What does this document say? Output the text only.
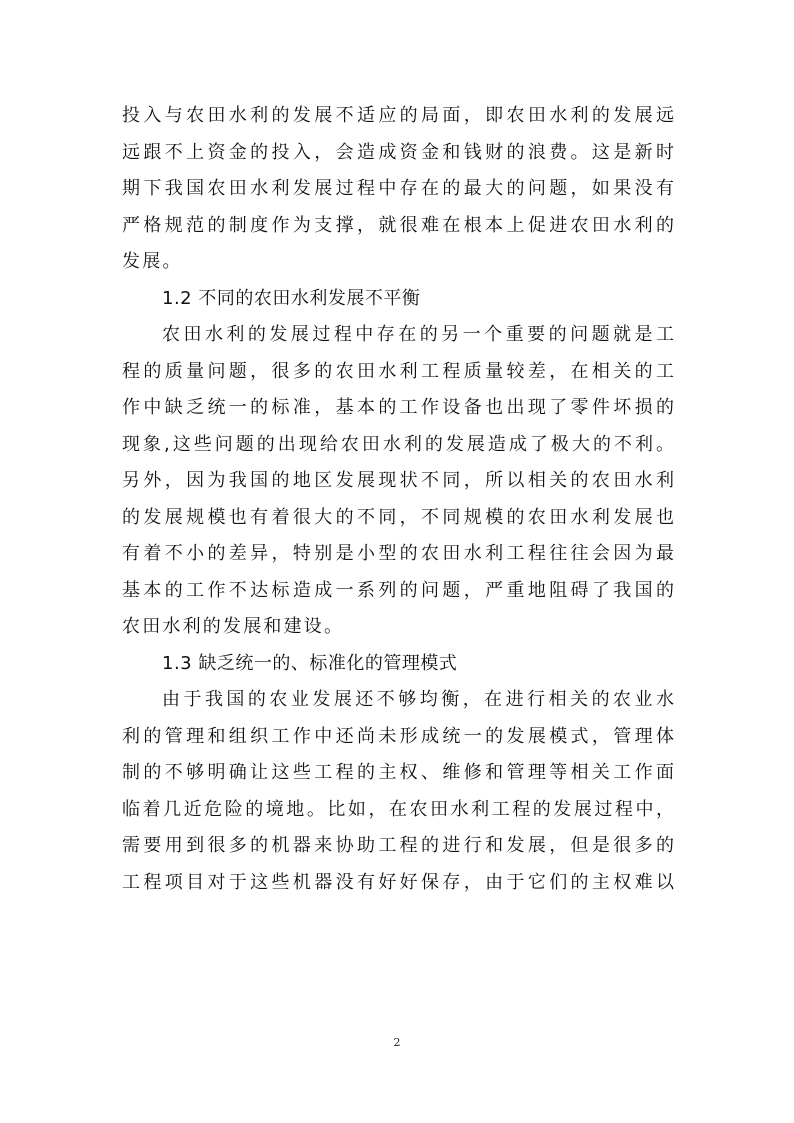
投入与农田水利的发展不适应的局面，即农田水利的发展远
远跟不上资金的投入，会造成资金和钱财的浪费。这是新时
期下我国农田水利发展过程中存在的最大的问题，如果没有
严格规范的制度作为支撑，就很难在根本上促进农田水利的
发展。
1.2 不同的农田水利发展不平衡
农田水利的发展过程中存在的另一个重要的问题就是工
程的质量问题，很多的农田水利工程质量较差，在相关的工
作中缺乏统一的标准，基本的工作设备也出现了零件坏损的
现象,这些问题的出现给农田水利的发展造成了极大的不利。
另外，因为我国的地区发展现状不同，所以相关的农田水利
的发展规模也有着很大的不同，不同规模的农田水利发展也
有着不小的差异，特别是小型的农田水利工程往往会因为最
基本的工作不达标造成一系列的问题，严重地阻碍了我国的
农田水利的发展和建设。
1.3 缺乏统一的、标准化的管理模式
由于我国的农业发展还不够均衡，在进行相关的农业水
利的管理和组织工作中还尚未形成统一的发展模式，管理体
制的不够明确让这些工程的主权、维修和管理等相关工作面
临着几近危险的境地。比如，在农田水利工程的发展过程中，
需要用到很多的机器来协助工程的进行和发展，但是很多的
工程项目对于这些机器没有好好保存，由于它们的主权难以
2
